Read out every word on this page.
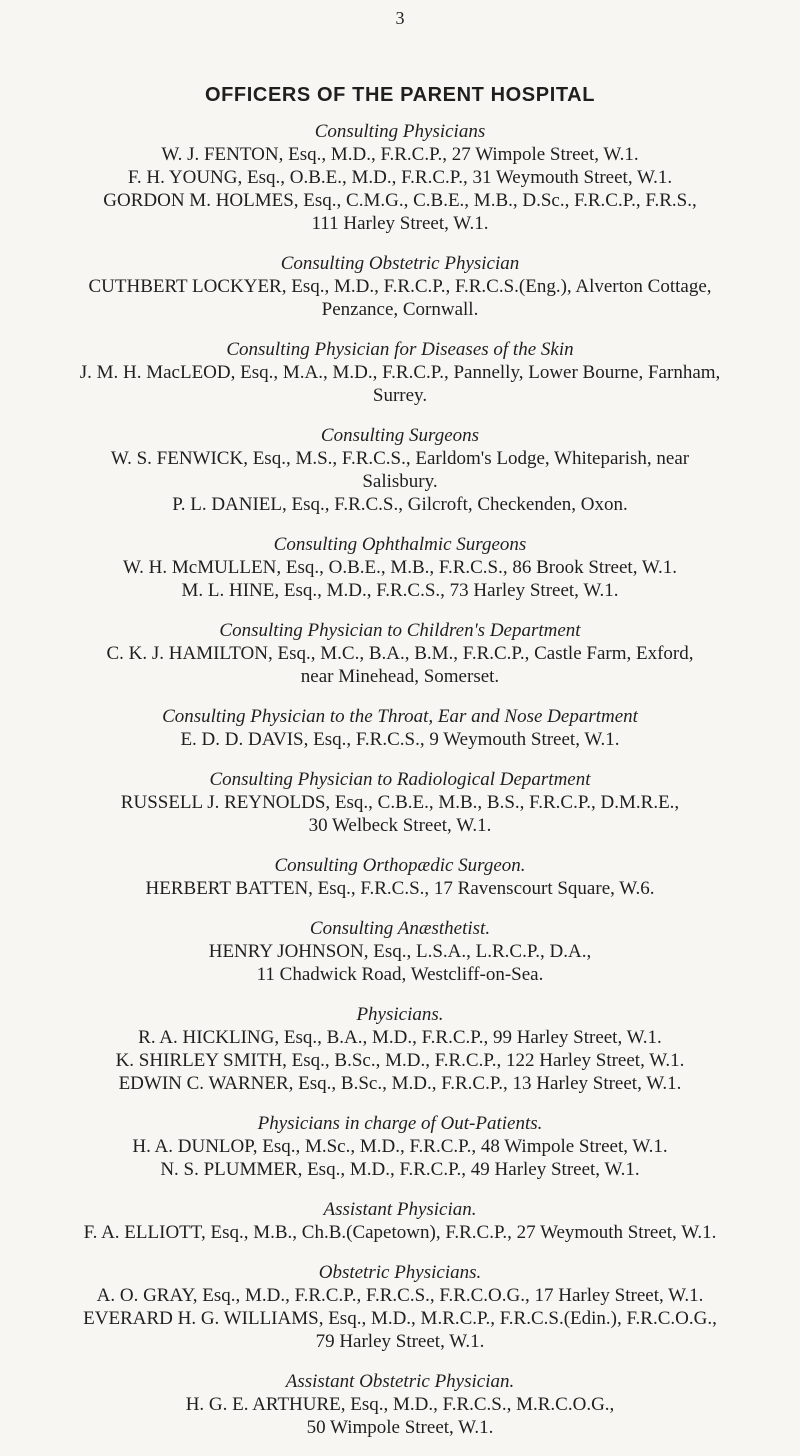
3
OFFICERS OF THE PARENT HOSPITAL
Consulting Physicians
W. J. FENTON, Esq., M.D., F.R.C.P., 27 Wimpole Street, W.1.
F. H. YOUNG, Esq., O.B.E., M.D., F.R.C.P., 31 Weymouth Street, W.1.
GORDON M. HOLMES, Esq., C.M.G., C.B.E., M.B., D.Sc., F.R.C.P., F.R.S.,
111 Harley Street, W.1.
Consulting Obstetric Physician
CUTHBERT LOCKYER, Esq., M.D., F.R.C.P., F.R.C.S.(Eng.), Alverton Cottage,
Penzance, Cornwall.
Consulting Physician for Diseases of the Skin
J. M. H. MacLEOD, Esq., M.A., M.D., F.R.C.P., Pannelly, Lower Bourne, Farnham,
Surrey.
Consulting Surgeons
W. S. FENWICK, Esq., M.S., F.R.C.S., Earldom's Lodge, Whiteparish, near
Salisbury.
P. L. DANIEL, Esq., F.R.C.S., Gilcroft, Checkenden, Oxon.
Consulting Ophthalmic Surgeons
W. H. McMULLEN, Esq., O.B.E., M.B., F.R.C.S., 86 Brook Street, W.1.
M. L. HINE, Esq., M.D., F.R.C.S., 73 Harley Street, W.1.
Consulting Physician to Children's Department
C. K. J. HAMILTON, Esq., M.C., B.A., B.M., F.R.C.P., Castle Farm, Exford,
near Minehead, Somerset.
Consulting Physician to the Throat, Ear and Nose Department
E. D. D. DAVIS, Esq., F.R.C.S., 9 Weymouth Street, W.1.
Consulting Physician to Radiological Department
RUSSELL J. REYNOLDS, Esq., C.B.E., M.B., B.S., F.R.C.P., D.M.R.E.,
30 Welbeck Street, W.1.
Consulting Orthopædic Surgeon.
HERBERT BATTEN, Esq., F.R.C.S., 17 Ravenscourt Square, W.6.
Consulting Anæsthetist.
HENRY JOHNSON, Esq., L.S.A., L.R.C.P., D.A.,
11 Chadwick Road, Westcliff-on-Sea.
Physicians.
R. A. HICKLING, Esq., B.A., M.D., F.R.C.P., 99 Harley Street, W.1.
K. SHIRLEY SMITH, Esq., B.Sc., M.D., F.R.C.P., 122 Harley Street, W.1.
EDWIN C. WARNER, Esq., B.Sc., M.D., F.R.C.P., 13 Harley Street, W.1.
Physicians in charge of Out-Patients.
H. A. DUNLOP, Esq., M.Sc., M.D., F.R.C.P., 48 Wimpole Street, W.1.
N. S. PLUMMER, Esq., M.D., F.R.C.P., 49 Harley Street, W.1.
Assistant Physician.
F. A. ELLIOTT, Esq., M.B., Ch.B.(Capetown), F.R.C.P., 27 Weymouth Street, W.1.
Obstetric Physicians.
A. O. GRAY, Esq., M.D., F.R.C.P., F.R.C.S., F.R.C.O.G., 17 Harley Street, W.1.
EVERARD H. G. WILLIAMS, Esq., M.D., M.R.C.P., F.R.C.S.(Edin.), F.R.C.O.G.,
79 Harley Street, W.1.
Assistant Obstetric Physician.
H. G. E. ARTHURE, Esq., M.D., F.R.C.S., M.R.C.O.G.,
50 Wimpole Street, W.1.
